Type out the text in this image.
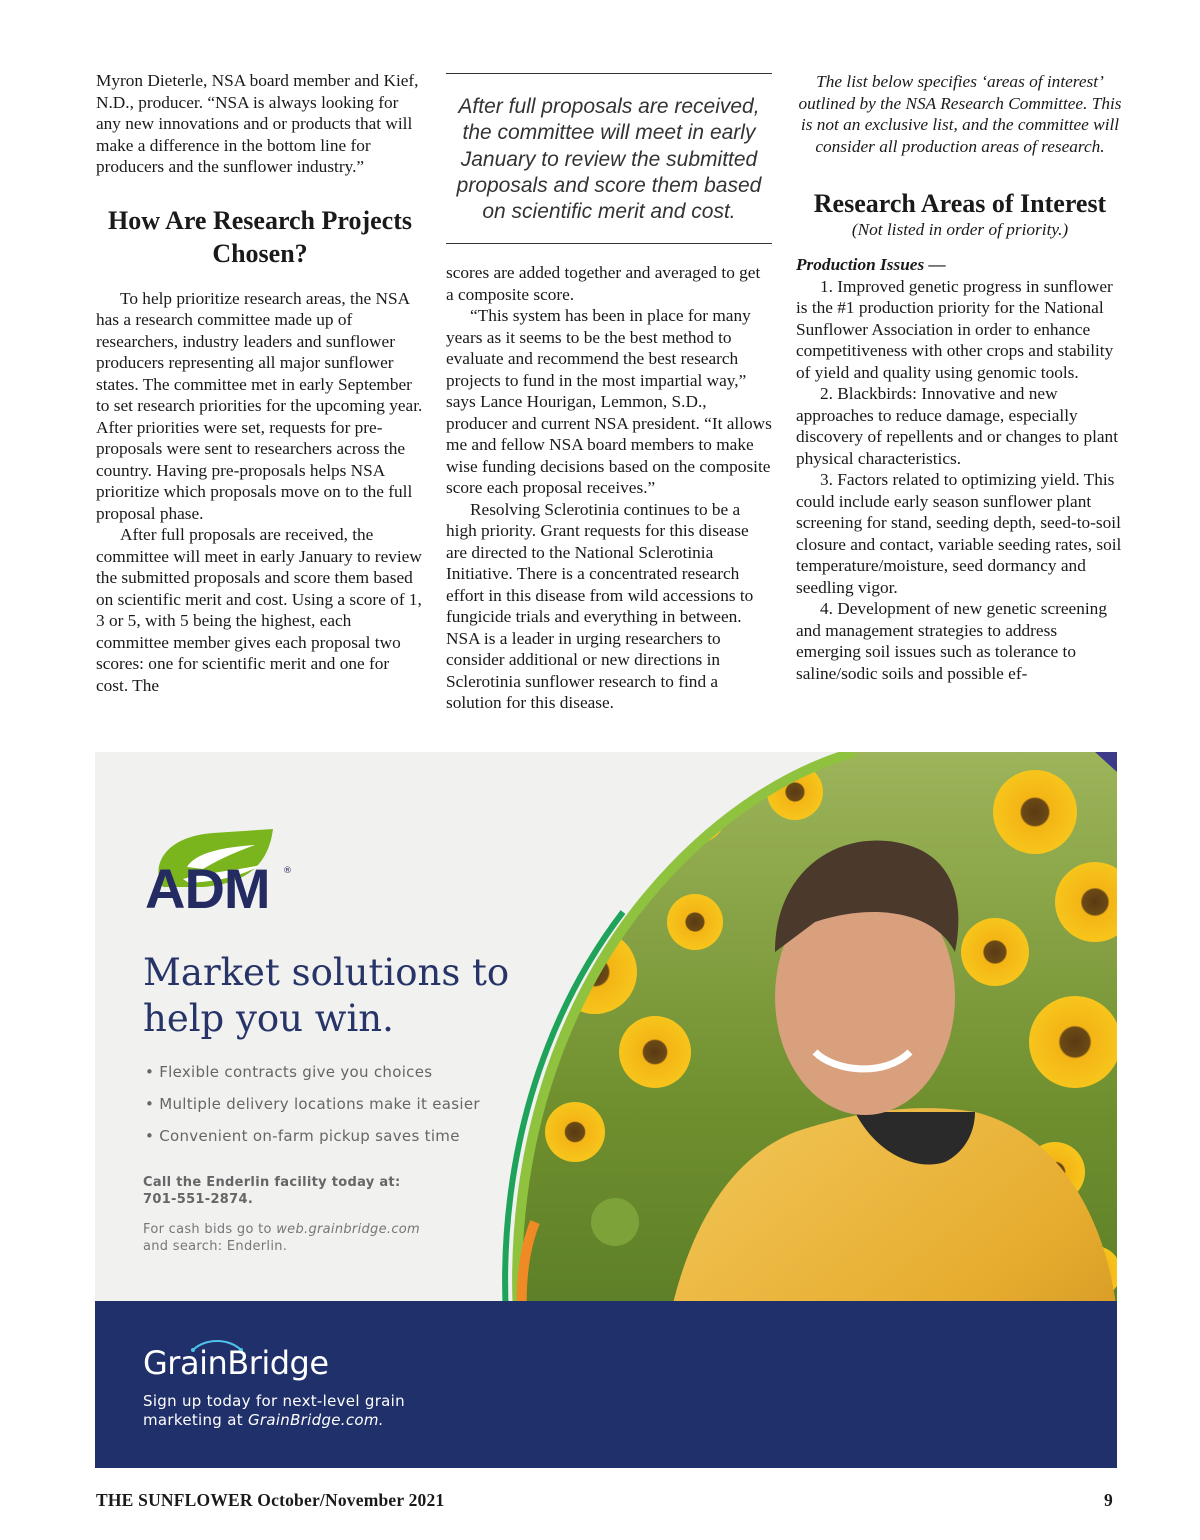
Myron Dieterle, NSA board member and Kief, N.D., producer. “NSA is always looking for any new innovations and or products that will make a difference in the bottom line for producers and the sunflower industry.”

How Are Research Projects Chosen?

To help prioritize research areas, the NSA has a research committee made up of researchers, industry leaders and sunflower producers representing all major sunflower states. The committee met in early September to set research priorities for the upcoming year. After priorities were set, requests for pre-proposals were sent to researchers across the country. Having pre-proposals helps NSA prioritize which proposals move on to the full proposal phase.

After full proposals are received, the committee will meet in early January to review the submitted proposals and score them based on scientific merit and cost. Using a score of 1, 3 or 5, with 5 being the highest, each committee member gives each proposal two scores: one for scientific merit and one for cost. The

After full proposals are received, the committee will meet in early January to review the submitted proposals and score them based on scientific merit and cost.

scores are added together and averaged to get a composite score.

“This system has been in place for many years as it seems to be the best method to evaluate and recommend the best research projects to fund in the most impartial way,” says Lance Hourigan, Lemmon, S.D., producer and current NSA president. “It allows me and fellow NSA board members to make wise funding decisions based on the composite score each proposal receives.”

Resolving Sclerotinia continues to be a high priority. Grant requests for this disease are directed to the National Sclerotinia Initiative. There is a concentrated research effort in this disease from wild accessions to fungicide trials and everything in between. NSA is a leader in urging researchers to consider additional or new directions in Sclerotinia sunflower research to find a solution for this disease.

The list below specifies ‘areas of interest’ outlined by the NSA Research Committee. This is not an exclusive list, and the committee will consider all production areas of research.
Research Areas of Interest
(Not listed in order of priority.)

Production Issues —

1. Improved genetic progress in sunflower is the #1 production priority for the National Sunflower Association in order to enhance competitiveness with other crops and stability of yield and quality using genomic tools.

2. Blackbirds: Innovative and new approaches to reduce damage, especially discovery of repellents and or changes to plant physical characteristics.

3. Factors related to optimizing yield. This could include early season sunflower plant screening for stand, seeding depth, seed-to-soil closure and contact, variable seeding rates, soil temperature/moisture, seed dormancy and seedling vigor.

4. Development of new genetic screening and management strategies to address emerging soil issues such as tolerance to saline/sodic soils and possible ef-

ADM ®
Market solutions to help you win.
• Flexible contracts give you choices
• Multiple delivery locations make it easier
• Convenient on-farm pickup saves time
Call the Enderlin facility today at:
701-551-2874.
For cash bids go to web.grainbridge.com
and search: Enderlin.
GrainBridge
Sign up today for next-level grain
marketing at GrainBridge.com.
THE SUNFLOWER October/November 2021	9
